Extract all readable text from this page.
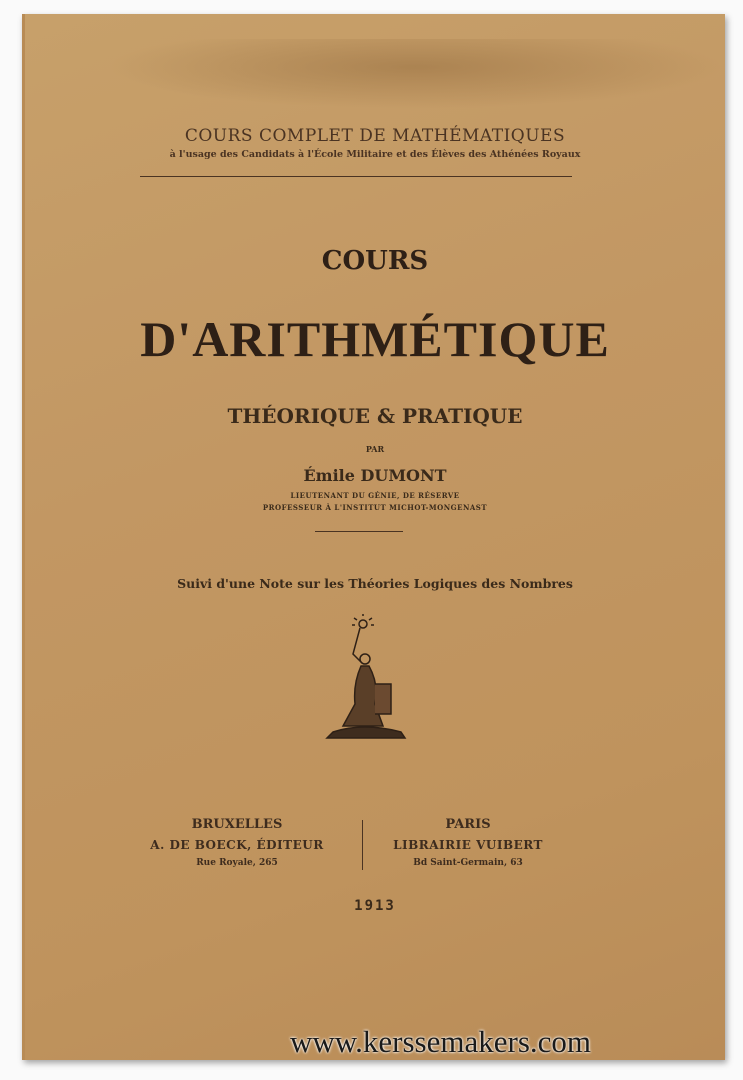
COURS COMPLET DE MATHÉMATIQUES
à l'usage des Candidats à l'École Militaire et des Élèves des Athénées Royaux
COURS
D'ARITHMÉTIQUE
THÉORIQUE & PRATIQUE
PAR
Émile DUMONT
LIEUTENANT DU GÉNIE, DE RÉSERVE
PROFESSEUR À L'INSTITUT MICHOT-MONGENAST
Suivi d'une Note sur les Théories Logiques des Nombres
BRUXELLES
A. DE BOECK, ÉDITEUR
Rue Royale, 265
PARIS
LIBRAIRIE VUIBERT
Bd Saint-Germain, 63
1913
www.kerssemakers.com
